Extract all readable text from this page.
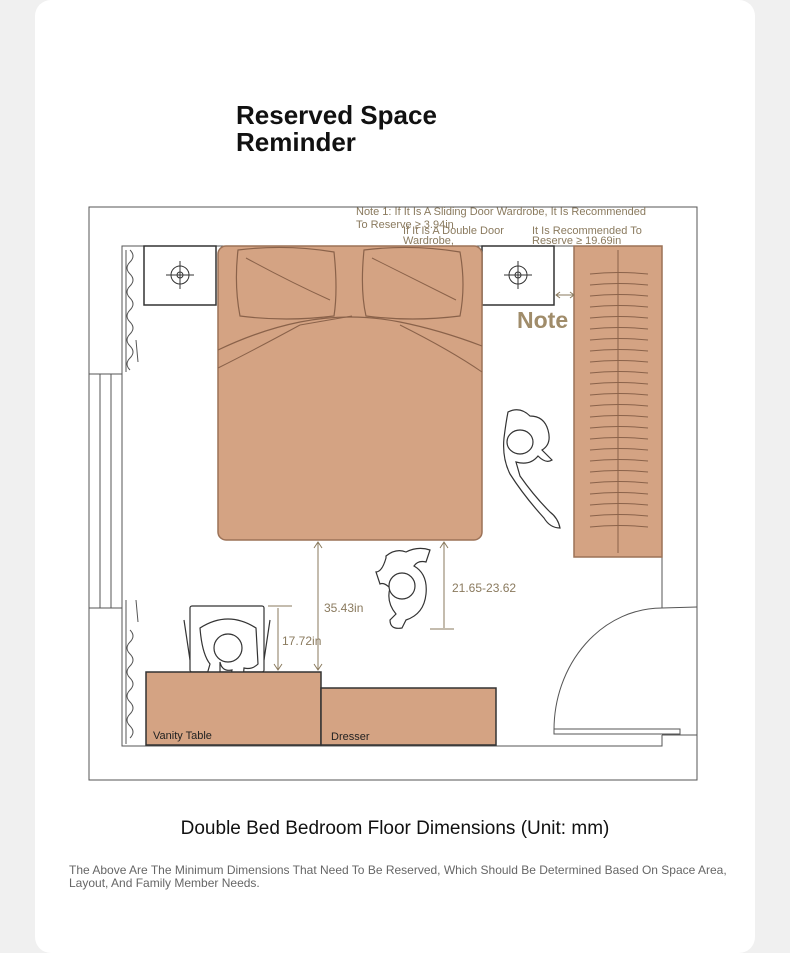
Reserved Space
Reminder
Vanity Table	Dresser
35.43in
21.65-23.62
17.72in
Note 1: If It Is A Sliding Door Wardrobe, It Is Recommended
To Reserve ≥ 3.94in
If It Is A Double Door
Wardrobe,
It Is Recommended To
Reserve ≥ 19.69in
Note

Double Bed Bedroom Floor Dimensions (Unit: mm)

The Above Are The Minimum Dimensions That Need To Be Reserved, Which Should Be Determined Based On Space Area, Layout, And Family Member Needs.
